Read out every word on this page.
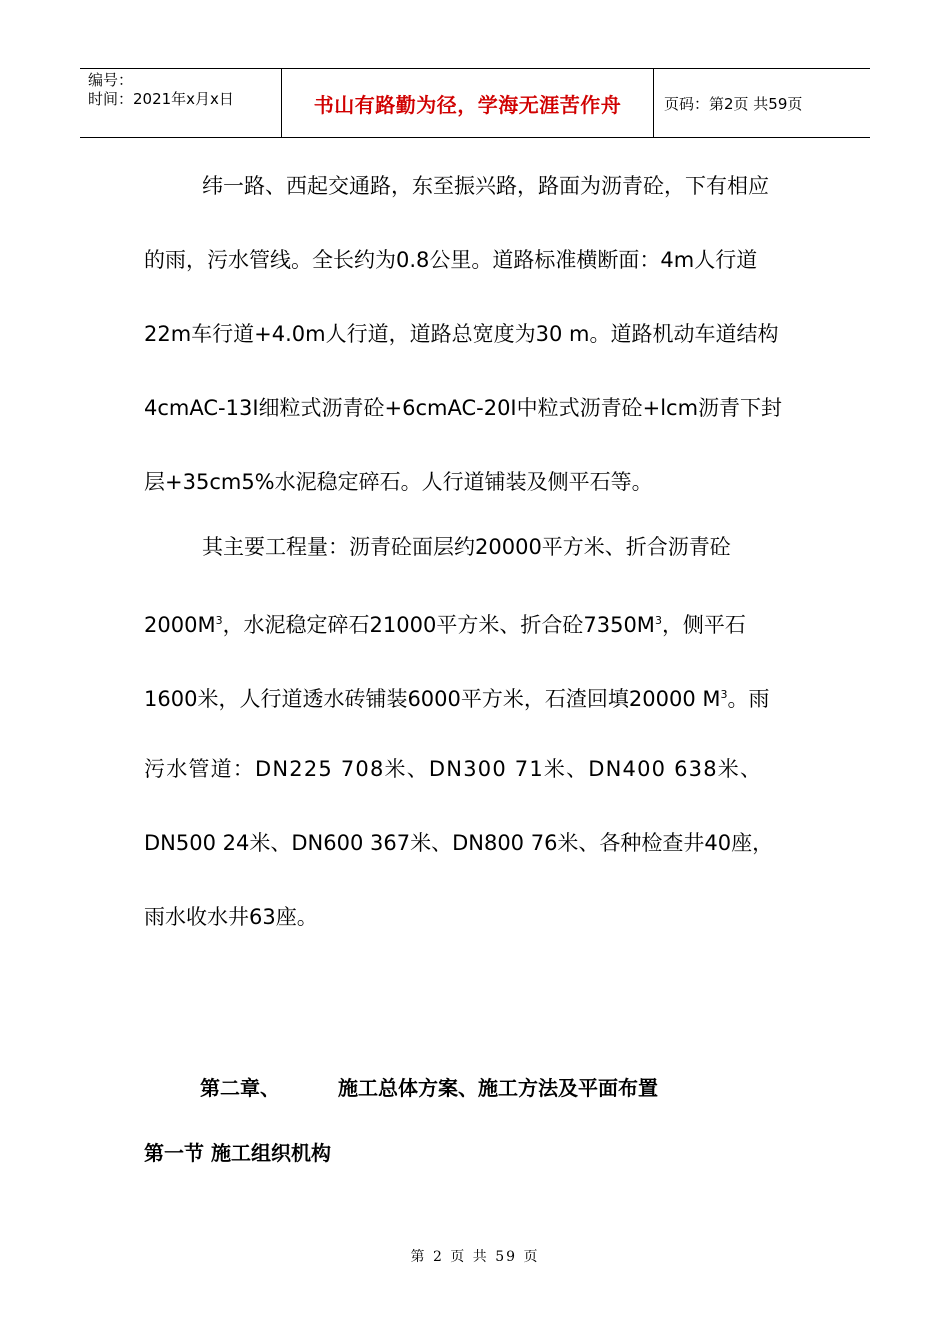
编号：
时间：2021年x月x日	书山有路勤为径，学海无涯苦作舟	页码：第2页 共59页
纬一路、西起交通路，东至振兴路，路面为沥青砼，下有相应
的雨，污水管线。全长约为0.8公里。道路标准横断面：4m人行道
22m车行道+4.0m人行道，道路总宽度为30 m。道路机动车道结构
4cmAC-13I细粒式沥青砼+6cmAC-20I中粒式沥青砼+lcm沥青下封
层+35cm5%水泥稳定碎石。人行道铺装及侧平石等。
其主要工程量：沥青砼面层约20000平方米、折合沥青砼
$2000M^3$，水泥稳定碎石21000平方米、折合砼$7350M^3$，侧平石
1600米，人行道透水砖铺装6000平方米，石渣回填20000 $M^3$。雨
污水管道：DN225 708米、DN300 71米、DN400 638米、
DN500 24米、DN600 367米、DN800 76米、各种检查井40座，
雨水收水井63座。
第二章、	施工总体方案、施工方法及平面布置
第一节 施工组织机构
第 2 页 共 59 页
